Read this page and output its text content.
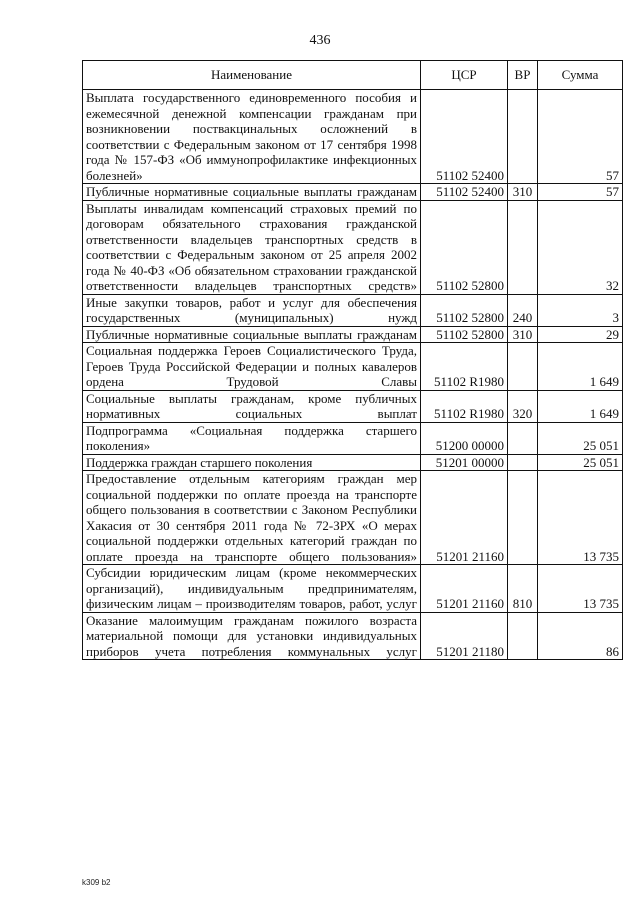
436
Наименование	ЦСР	ВР	Сумма
Выплата государственного единовременного пособия и ежемесячной денежной компенсации гражданам при возникновении поствакцинальных осложнений в соответствии с Федеральным законом от 17 сентября 1998 года № 157-ФЗ «Об иммунопрофилактике инфекционных болезней»	51102 52400		57
Публичные нормативные социальные выплаты гражданам	51102 52400	310	57
Выплаты инвалидам компенсаций страховых премий по договорам обязательного страхования гражданской ответственности владельцев транспортных средств в соответствии с Федеральным законом от 25 апреля 2002 года № 40-ФЗ «Об обязательном страховании гражданской ответственности владельцев транспортных средств»	51102 52800		32
Иные закупки товаров, работ и услуг для обеспечения государственных (муниципальных) нужд	51102 52800	240	3
Публичные нормативные социальные выплаты гражданам	51102 52800	310	29
Социальная поддержка Героев Социалистического Труда, Героев Труда Российской Федерации и полных кавалеров ордена Трудовой Славы	51102 R1980		1 649
Социальные выплаты гражданам, кроме публичных нормативных социальных выплат	51102 R1980	320	1 649
Подпрограмма «Социальная поддержка старшего поколения»	51200 00000		25 051
Поддержка граждан старшего поколения	51201 00000		25 051
Предоставление отдельным категориям граждан мер социальной поддержки по оплате проезда на транспорте общего пользования в соответствии с Законом Республики Хакасия от 30 сентября 2011 года № 72-ЗРХ «О мерах социальной поддержки отдельных категорий граждан по оплате проезда на транспорте общего пользования»	51201 21160		13 735
Субсидии юридическим лицам (кроме некоммерческих организаций), индивидуальным предпринимателям, физическим лицам – производителям товаров, работ, услуг	51201 21160	810	13 735
Оказание малоимущим гражданам пожилого возраста материальной помощи для установки индивидуальных приборов учета потребления коммунальных услуг	51201 21180		86
k309 b2
